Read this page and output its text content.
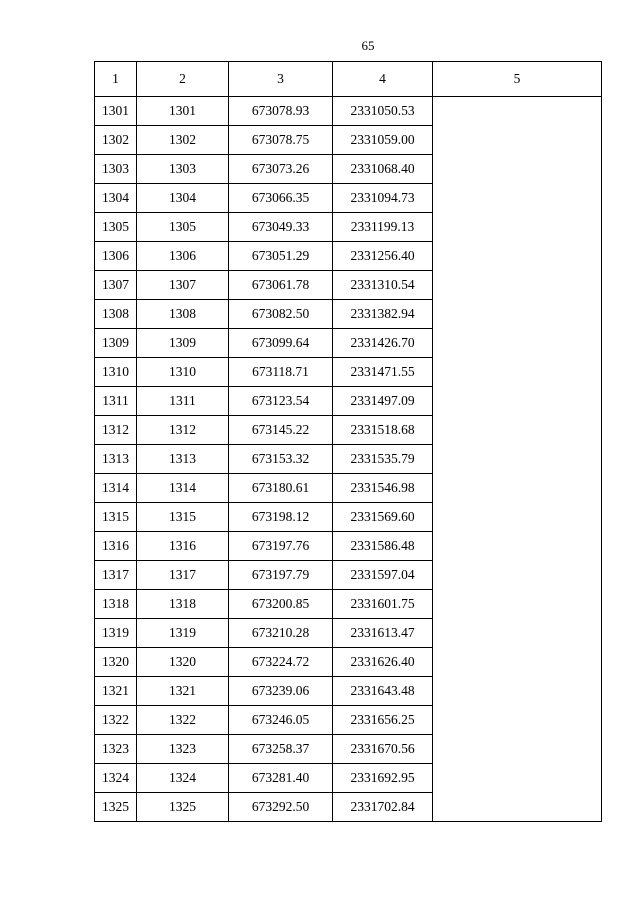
65
1	2	3	4	5
1301	1301	673078.93	2331050.53	
1302	1302	673078.75	2331059.00	
1303	1303	673073.26	2331068.40	
1304	1304	673066.35	2331094.73	
1305	1305	673049.33	2331199.13	
1306	1306	673051.29	2331256.40	
1307	1307	673061.78	2331310.54	
1308	1308	673082.50	2331382.94	
1309	1309	673099.64	2331426.70	
1310	1310	673118.71	2331471.55	
1311	1311	673123.54	2331497.09	
1312	1312	673145.22	2331518.68	
1313	1313	673153.32	2331535.79	
1314	1314	673180.61	2331546.98	
1315	1315	673198.12	2331569.60	
1316	1316	673197.76	2331586.48	
1317	1317	673197.79	2331597.04	
1318	1318	673200.85	2331601.75	
1319	1319	673210.28	2331613.47	
1320	1320	673224.72	2331626.40	
1321	1321	673239.06	2331643.48	
1322	1322	673246.05	2331656.25	
1323	1323	673258.37	2331670.56	
1324	1324	673281.40	2331692.95	
1325	1325	673292.50	2331702.84	
